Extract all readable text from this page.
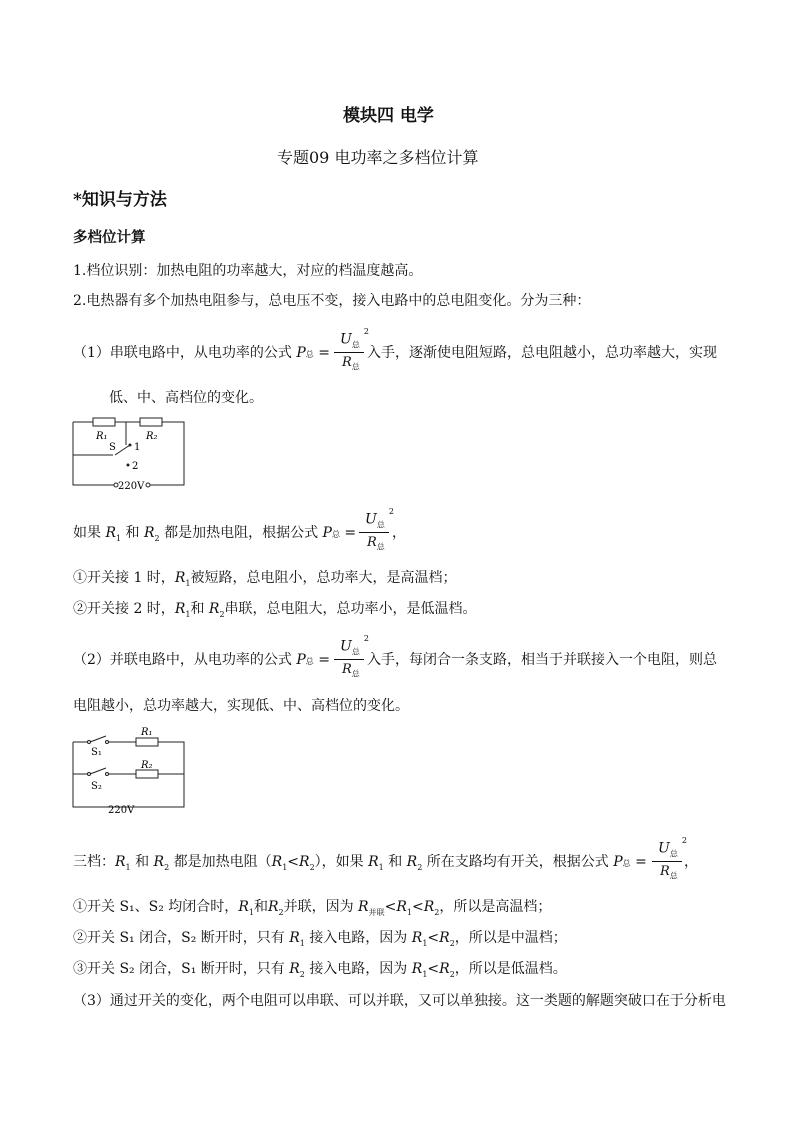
模块四 电学
专题09 电功率之多档位计算
*知识与方法
多档位计算
1.档位识别：加热电阻的功率越大，对应的档温度越高。
2.电热器有多个加热电阻参与，总电压不变，接入电路中的总电阻变化。分为三种：
（1）串联电路中，从电功率的公式 P总 =
$U_总^2$
$R_总$
入手，逐渐使电阻短路，总电阻越小，总功率越大，实现
低、中、高档位的变化。
R₁	R₂
S 1
2
220V
如果 $R_1$ 和 $R_2$ 都是加热电阻，根据公式 P总 =
$U_总^2$
$R_总$
，
①开关接 1 时，$R_1$被短路，总电阻小，总功率大，是高温档；
②开关接 2 时，$R_1$和 $R_2$串联，总电阻大，总功率小，是低温档。
（2）并联电路中，从电功率的公式 P总 =
$U_总^2$
$R_总$
入手，每闭合一条支路，相当于并联接入一个电阻，则总
电阻越小，总功率越大，实现低、中、高档位的变化。
S₁
S₂
R₁
R₂
220V
三档：$R_1$ 和 $R_2$ 都是加热电阻$(R_1<R_2)$，如果 $R_1$ 和 $R_2$ 所在支路均有开关，根据公式 P总 =
$U_总^2$
$R_总$
，
①开关 S₁、S₂ 均闭合时，$R_1$和$R_2$并联，因为 $R_{并联}<R_1<R_2$，所以是高温档；
②开关 S₁ 闭合，S₂ 断开时，只有 $R_1$ 接入电路，因为 $R_1<R_2$，所以是中温档；
③开关 S₂ 闭合，S₁ 断开时，只有 $R_2$ 接入电路，因为 $R_1<R_2$，所以是低温档。
（3）通过开关的变化，两个电阻可以串联、可以并联，又可以单独接。这一类题的解题突破口在于分析电
